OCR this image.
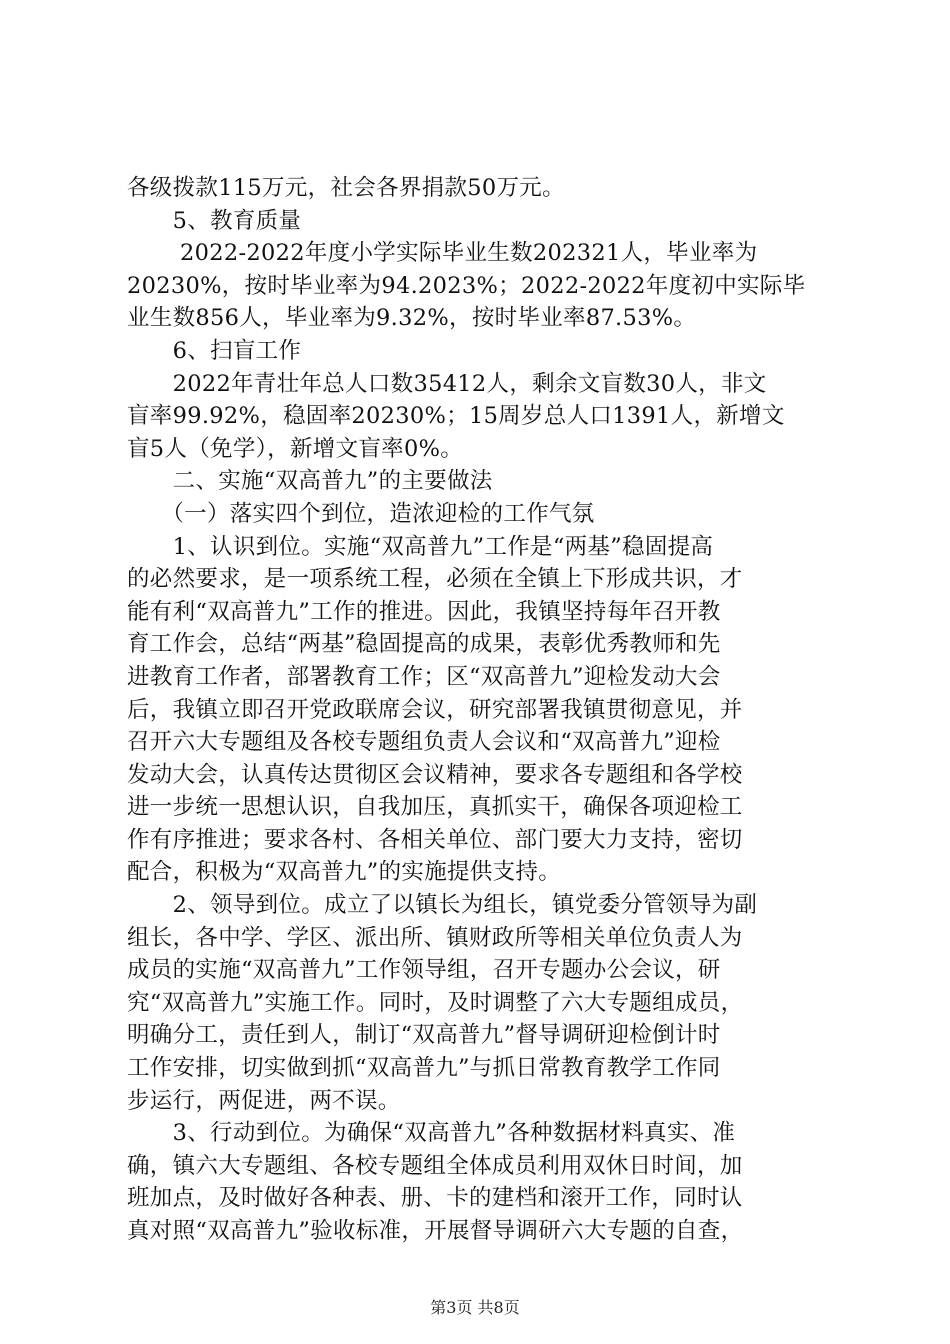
各级拨款115万元，社会各界捐款50万元。
　　5、教育质量
　　 2022-2022年度小学实际毕业生数202321人，毕业率为
20230%，按时毕业率为94.2023%；2022-2022年度初中实际毕
业生数856人，毕业率为9.32%，按时毕业率87.53%。
　　6、扫盲工作
　　2022年青壮年总人口数35412人，剩余文盲数30人，非文
盲率99.92%，稳固率20230%；15周岁总人口1391人，新增文
盲5人（免学），新增文盲率0%。
　　二、实施“双高普九”的主要做法
　　（一）落实四个到位，造浓迎检的工作气氛
　　1、认识到位。实施“双高普九”工作是“两基”稳固提高
的必然要求，是一项系统工程，必须在全镇上下形成共识，才
能有利“双高普九”工作的推进。因此，我镇坚持每年召开教
育工作会，总结“两基”稳固提高的成果，表彰优秀教师和先
进教育工作者，部署教育工作；区“双高普九”迎检发动大会
后，我镇立即召开党政联席会议，研究部署我镇贯彻意见，并
召开六大专题组及各校专题组负责人会议和“双高普九”迎检
发动大会，认真传达贯彻区会议精神，要求各专题组和各学校
进一步统一思想认识，自我加压，真抓实干，确保各项迎检工
作有序推进；要求各村、各相关单位、部门要大力支持，密切
配合，积极为“双高普九”的实施提供支持。
　　2、领导到位。成立了以镇长为组长，镇党委分管领导为副
组长，各中学、学区、派出所、镇财政所等相关单位负责人为
成员的实施“双高普九”工作领导组，召开专题办公会议，研
究“双高普九”实施工作。同时，及时调整了六大专题组成员，
明确分工，责任到人，制订“双高普九”督导调研迎检倒计时
工作安排，切实做到抓“双高普九”与抓日常教育教学工作同
步运行，两促进，两不误。
　　3、行动到位。为确保“双高普九”各种数据材料真实、准
确，镇六大专题组、各校专题组全体成员利用双休日时间，加
班加点，及时做好各种表、册、卡的建档和滚开工作，同时认
真对照“双高普九”验收标准，开展督导调研六大专题的自查，
第3页 共8页
